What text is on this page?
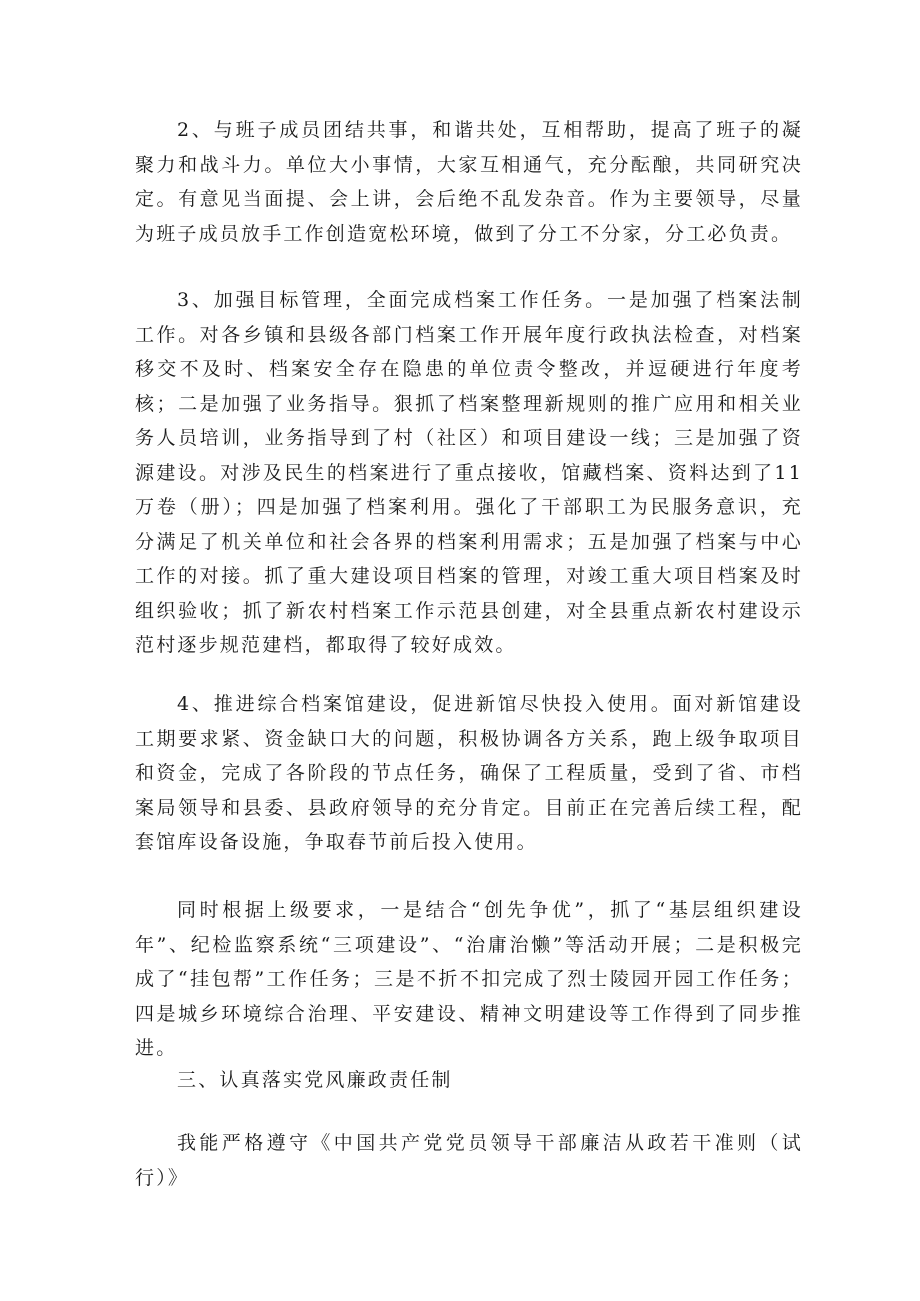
2、与班子成员团结共事，和谐共处，互相帮助，提高了班子的凝聚力和战斗力。单位大小事情，大家互相通气，充分酝酿，共同研究决定。有意见当面提、会上讲，会后绝不乱发杂音。作为主要领导，尽量为班子成员放手工作创造宽松环境，做到了分工不分家，分工必负责。

3、加强目标管理，全面完成档案工作任务。一是加强了档案法制工作。对各乡镇和县级各部门档案工作开展年度行政执法检查，对档案移交不及时、档案安全存在隐患的单位责令整改，并逗硬进行年度考核；二是加强了业务指导。狠抓了档案整理新规则的推广应用和相关业务人员培训，业务指导到了村（社区）和项目建设一线；三是加强了资源建设。对涉及民生的档案进行了重点接收，馆藏档案、资料达到了11万卷（册）；四是加强了档案利用。强化了干部职工为民服务意识，充分满足了机关单位和社会各界的档案利用需求；五是加强了档案与中心工作的对接。抓了重大建设项目档案的管理，对竣工重大项目档案及时组织验收；抓了新农村档案工作示范县创建，对全县重点新农村建设示范村逐步规范建档，都取得了较好成效。

4、推进综合档案馆建设，促进新馆尽快投入使用。面对新馆建设工期要求紧、资金缺口大的问题，积极协调各方关系，跑上级争取项目和资金，完成了各阶段的节点任务，确保了工程质量，受到了省、市档案局领导和县委、县政府领导的充分肯定。目前正在完善后续工程，配套馆库设备设施，争取春节前后投入使用。

同时根据上级要求，一是结合“创先争优”，抓了“基层组织建设年”、纪检监察系统“三项建设”、“治庸治懒”等活动开展；二是积极完成了“挂包帮”工作任务；三是不折不扣完成了烈士陵园开园工作任务；四是城乡环境综合治理、平安建设、精神文明建设等工作得到了同步推进。

三、认真落实党风廉政责任制

我能严格遵守《中国共产党党员领导干部廉洁从政若干准则（试行）》
